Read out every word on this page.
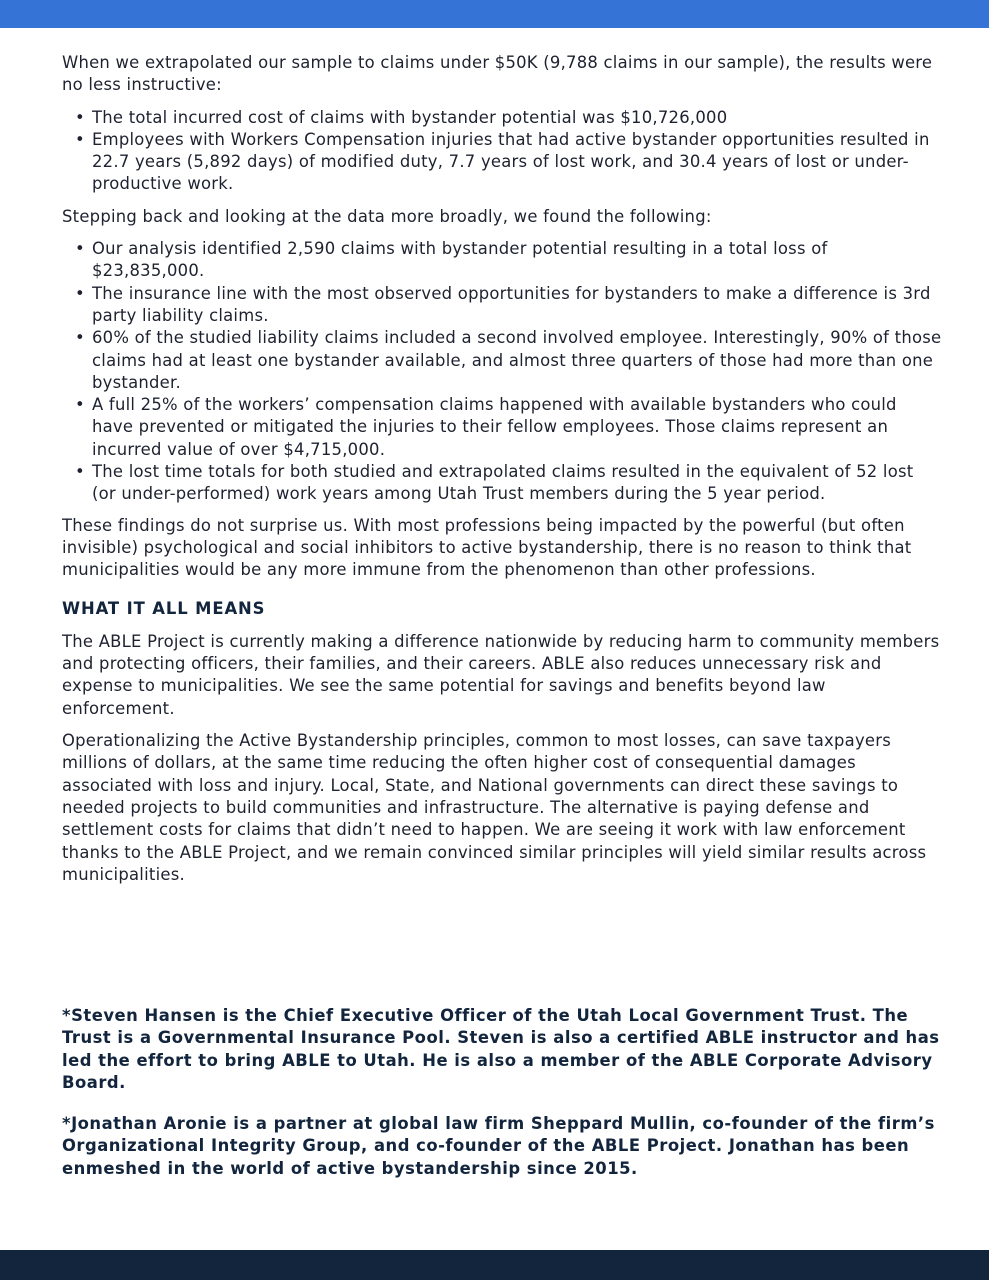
When we extrapolated our sample to claims under $50K (9,788 claims in our sample), the results were no less instructive:

• The total incurred cost of claims with bystander potential was $10,726,000
• Employees with Workers Compensation injuries that had active bystander opportunities resulted in 22.7 years (5,892 days) of modified duty, 7.7 years of lost work, and 30.4 years of lost or under-productive work.

Stepping back and looking at the data more broadly, we found the following:

• Our analysis identified 2,590 claims with bystander potential resulting in a total loss of $23,835,000.
• The insurance line with the most observed opportunities for bystanders to make a difference is 3rd party liability claims.
• 60% of the studied liability claims included a second involved employee. Interestingly, 90% of those claims had at least one bystander available, and almost three quarters of those had more than one bystander.
• A full 25% of the workers’ compensation claims happened with available bystanders who could have prevented or mitigated the injuries to their fellow employees. Those claims represent an incurred value of over $4,715,000.
• The lost time totals for both studied and extrapolated claims resulted in the equivalent of 52 lost (or under-performed) work years among Utah Trust members during the 5 year period.

These findings do not surprise us. With most professions being impacted by the powerful (but often invisible) psychological and social inhibitors to active bystandership, there is no reason to think that municipalities would be any more immune from the phenomenon than other professions.

WHAT IT ALL MEANS

The ABLE Project is currently making a difference nationwide by reducing harm to community members and protecting officers, their families, and their careers. ABLE also reduces unnecessary risk and expense to municipalities. We see the same potential for savings and benefits beyond law enforcement.

Operationalizing the Active Bystandership principles, common to most losses, can save taxpayers millions of dollars, at the same time reducing the often higher cost of consequential damages associated with loss and injury. Local, State, and National governments can direct these savings to needed projects to build communities and infrastructure. The alternative is paying defense and settlement costs for claims that didn’t need to happen. We are seeing it work with law enforcement thanks to the ABLE Project, and we remain convinced similar principles will yield similar results across municipalities.

*Steven Hansen is the Chief Executive Officer of the Utah Local Government Trust. The Trust is a Governmental Insurance Pool. Steven is also a certified ABLE instructor and has led the effort to bring ABLE to Utah. He is also a member of the ABLE Corporate Advisory Board.
*Jonathan Aronie is a partner at global law firm Sheppard Mullin, co-founder of the firm’s Organizational Integrity Group, and co-founder of the ABLE Project. Jonathan has been enmeshed in the world of active bystandership since 2015.
